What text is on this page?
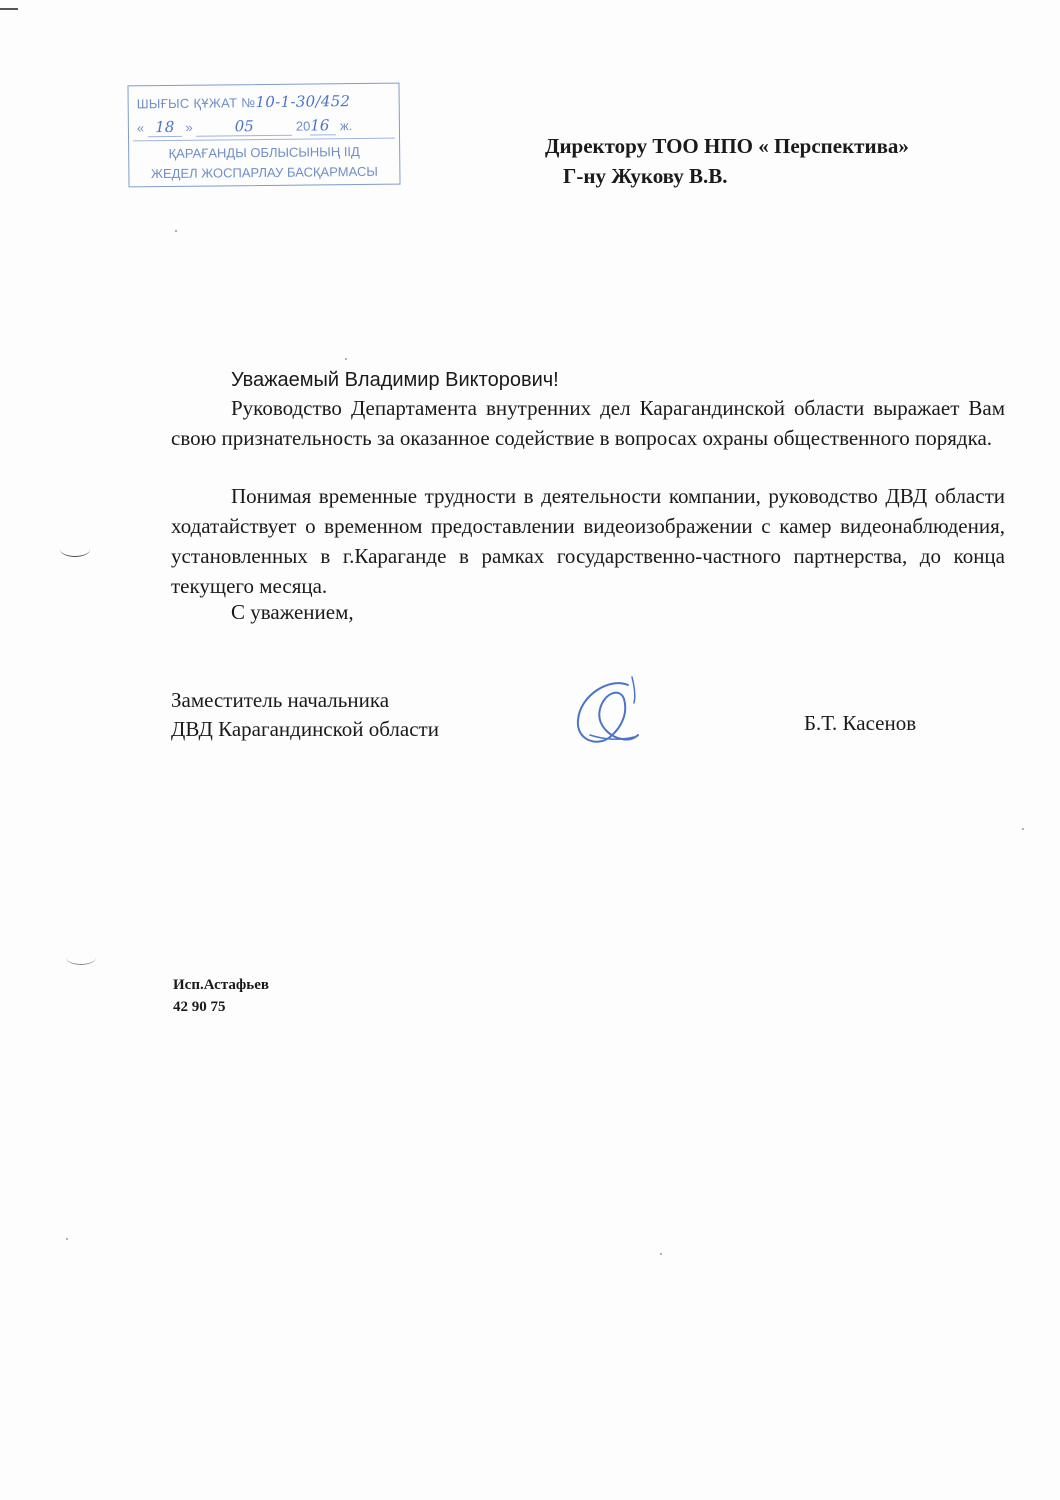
ШЫҒЫС ҚҰЖАТ №10-1-30/452
« 18 »	05	2016 ж.
ҚАРАҒАНДЫ ОБЛЫСЫНЫҢ ІІД
ЖЕДЕЛ ЖОСПАРЛАУ БАСҚАРМАСЫ
Директору ТОО НПО « Перспектива»
Г-ну Жукову В.В.
Уважаемый Владимир Викторович!
Руководство Департамента внутренних дел Карагандинской области выражает Вам свою признательность за оказанное содействие в вопросах охраны общественного порядка.
Понимая временные трудности в деятельности компании, руководство ДВД области ходатайствует о временном предоставлении видеоизображении с камер видеонаблюдения, установленных в г.Караганде в рамках государственно-частного партнерства, до конца текущего месяца.
С уважением,
Заместитель начальника
ДВД Карагандинской области	Б.Т. Касенов
Исп.Астафьев
42 90 75
